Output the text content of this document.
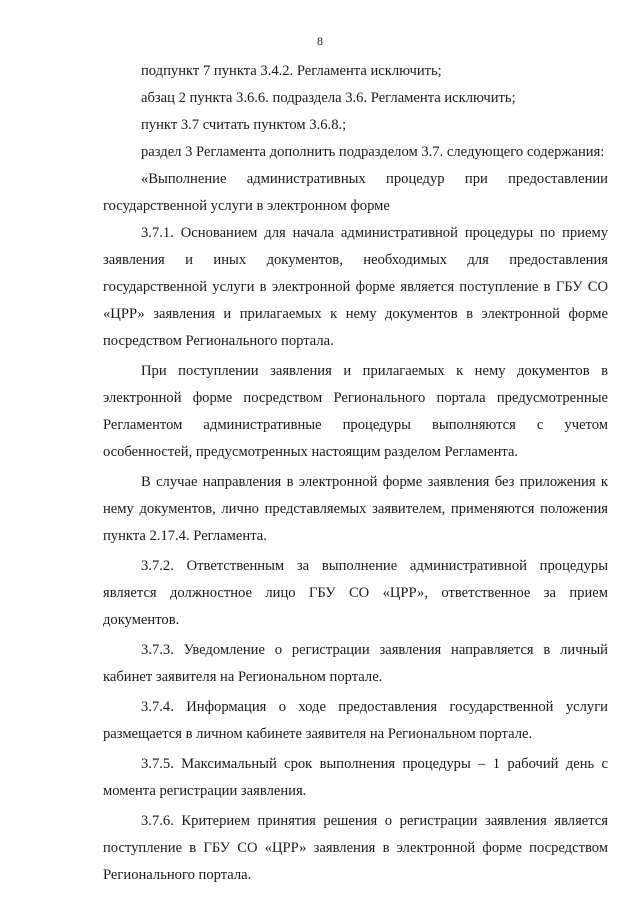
8

подпункт 7 пункта 3.4.2. Регламента исключить;

абзац 2 пункта 3.6.6. подраздела 3.6. Регламента исключить;

пункт 3.7 считать пунктом 3.6.8.;

раздел 3 Регламента дополнить подразделом 3.7. следующего содержания:

«Выполнение административных процедур при предоставлении государственной услуги в электронном форме

3.7.1. Основанием для начала административной процедуры по приему заявления и иных документов, необходимых для предоставления государственной услуги в электронной форме является поступление в ГБУ СО «ЦРР» заявления и прилагаемых к нему документов в электронной форме посредством Регионального портала.

При поступлении заявления и прилагаемых к нему документов в электронной форме посредством Регионального портала предусмотренные Регламентом административные процедуры выполняются с учетом особенностей, предусмотренных настоящим разделом Регламента.

В случае направления в электронной форме заявления без приложения к нему документов, лично представляемых заявителем, применяются положения пункта 2.17.4. Регламента.

3.7.2. Ответственным за выполнение административной процедуры является должностное лицо ГБУ СО «ЦРР», ответственное за прием документов.

3.7.3. Уведомление о регистрации заявления направляется в личный кабинет заявителя на Региональном портале.

3.7.4. Информация о ходе предоставления государственной услуги размещается в личном кабинете заявителя на Региональном портале.

3.7.5. Максимальный срок выполнения процедуры – 1 рабочий день с момента регистрации заявления.

3.7.6. Критерием принятия решения о регистрации заявления является поступление в ГБУ СО «ЦРР» заявления в электронной форме посредством Регионального портала.
